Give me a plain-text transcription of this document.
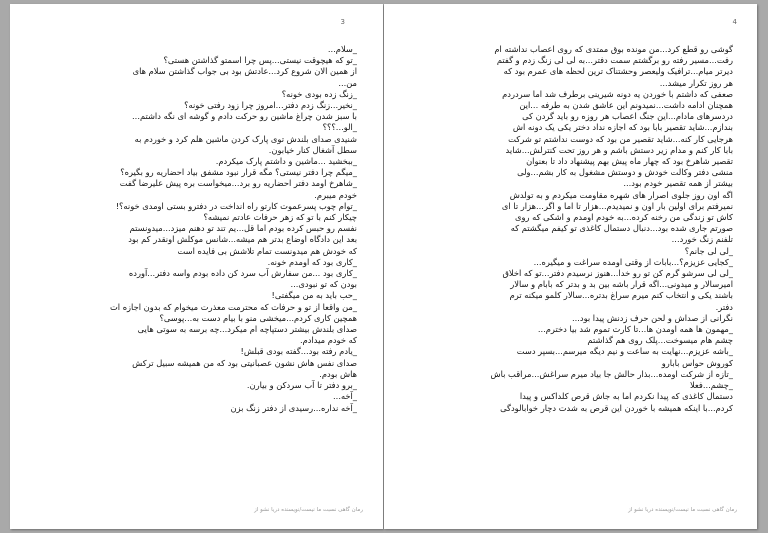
3
_سلام...
_تو که هیچوقت نیستی...پس چرا اسمتو گذاشتن هستی؟
از همین الان شروع کرد...عادتش بود بی جواب گذاشتن سلام های
من...
_زنگ زده بودی خونه؟
_نخیر...زنگ زدم دفتر...امروز چرا زود رفتی خونه؟
با سبز شدن چراغ ماشین رو حرکت دادم و گوشه ای نگه داشتم...
_الو...؟؟؟
شنیدی صدای بلندش توی پارک کردن ماشین هلم کرد و خوردم به
سطل آشغال کنار خیابون.
_ببخشید ...ماشین و داشتم پارک میکردم.
_میگم چرا دفتر نیستی؟ مگه قرار نبود مشفق بیاد احضاریه رو بگیره؟
_شاهرخ اومد دفتر احضاریه رو برد...میخواست بره پیش علیرضا گفت
خودم میبرم.
_توام چوب پسرعموت کارتو راه انداخت در دفترو بستی اومدی خونه؟!
چیکار کنم با تو که زهر حرفات عادتم نمیشه؟
نفسم رو حبس کرده بودم اما قل...یم تند تو دهنم میزد...میدونستم
بعد این دادگاه اوضاع بدتر هم میشه...شانس موکلش اونقدر کم بود
که خودش هم میدونست تمام تلاشش بی فایده است
_کاری بود که اومدم خونه.
_کاری بود ...من سفارش آب سرد کن داده بودم واسه دفتر...آورده
بودن که تو نبودی...
_حب باید به من میگفتی!
_من واقعا از تو و حرفات که محترمت معذرت میخوام که بدون اجازه ات
همچین کاری کردم...میخشی منو با بیام دست به...پوسی؟
صدای بلندش بیشتر دستپاچه ام میکرد...چه برسه به سوتی هایی
که خودم میدادم.
_یادم رفته بود...گفته بودی قبلش!
صدای نفس هاش نشون عصبانیتی بود که من همیشه سبیل ترکش
هاش بودم.
_برو دفتر تا آب سردکن و بیارن.
_آخه...
_آخه نداره...رسیدی از دفتر زنگ بزن
رمان گاهی نسبت ما نیست/نویسنده دریا نشو از
4
گوشی رو قطع کرد...من مونده بوق ممتدی که روی اعصاب نداشته ام
رفت...مسیر رفته رو برگشتم سمت دفتر...به لی لی زنگ زدم و گفتم
دیرتر میام...ترافیک ولیعصر وحشتناک ترین لحظه های عمرم بود که
هر روز تکرار میشد...
صعفی که داشتم با خوردن یه دونه شیرینی برطرف شد اما سردردم
همچنان ادامه داشت...نمیدونم این عاشق شدن به طرفه ...این
دردسرهای مادام...این جنگ اعصاب هر روزه رو باید گردن کی
بندازم...شاید تقصیر بابا بود که اجازه نداد دختر یکی یک دونه اش
هرجایی کار کنه...شاید تقصیر من بود که دوست نداشتم تو شرکت
بابا کار کنم و مدام زیر دستش باشم و هر روز تحت کنترلش...شاید
تقصیر شاهرخ بود که چهار ماه پیش بهم پیشنهاد داد تا بعنوان
منشی دفتر وکالت خودش و دوستش مشغول به کار بشم...ولی
بیشتر از همه تقصیر خودم بود...
اگه اون روز جلوی اصرار های شهره مقاومت میکردم و به تولدش
نمیرفتم برای اولین بار اون و نمیدیدم...هزار تا اما و اگر...هزار تا ای
کاش تو زندگی من رخنه کرده...به خودم اومدم و اشکی که روی
صورتم جاری شده بود...دنبال دستمال کاغذی تو کیفم میگشتم که
تلفنم زنگ خورد...
_لی لی جانم؟
_کجایی عزیزم؟...بابات از وقتی اومده سراغت و میگیره...
_لی لی سرشو گرم کن تو رو خدا...هنوز نرسیدم دفتر...تو که اخلاق
امیرسالار و میدونی...اگه قرار باشه بین بد و بدتر که بابام و سالار
باشند یکی و انتخاب کنم میرم سراغ بدتره...سالار کلمو میکنه ترم
دفتر.
نگرانی از صداش و لحن حرف زدنش پیدا بود...
_مهمون ها همه اومدن ها...تا کارت تموم شد بیا دخترم...
چشم هام میسوخت...پلک روی هم گذاشتم
_باشه عزیزم...نهایت به ساعت و نیم دیگه میرسم...بسپر دست
کوروش حواس بابارو
_تازه از شرکت اومده...بذار حالش جا بیاد میرم سراغش...مراقب باش
_چشم...فعلا
دستمال کاغذی که پیدا نکردم اما به جاش قرص کلداکس و پیدا
کردم...با اینکه همیشه با خوردن این قرص به شدت دچار خوابالودگی
رمان گاهی نسبت ما نیست/نویسنده دریا نشو از
